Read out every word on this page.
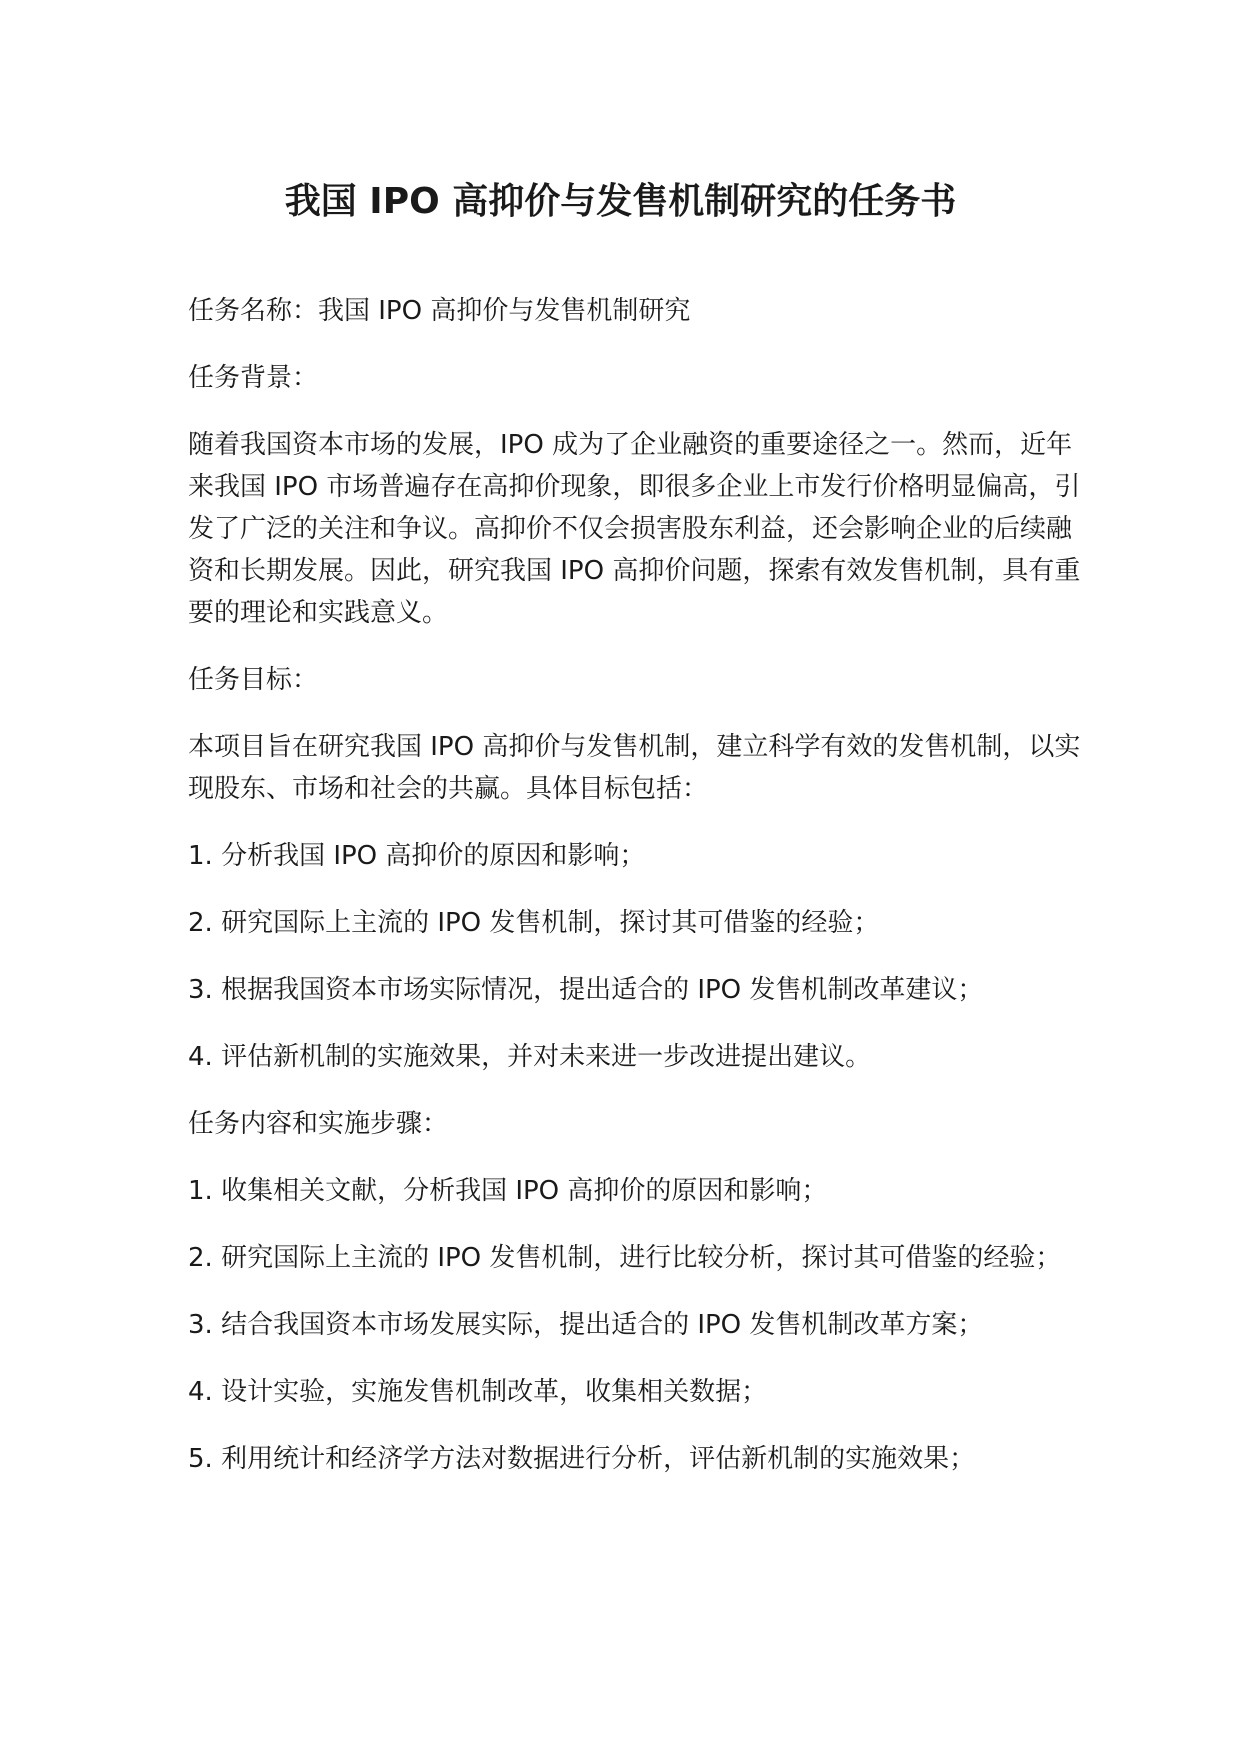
我国 IPO 高抑价与发售机制研究的任务书

任务名称：我国 IPO 高抑价与发售机制研究

任务背景：

随着我国资本市场的发展，IPO 成为了企业融资的重要途径之一。然而，近年来我国 IPO 市场普遍存在高抑价现象，即很多企业上市发行价格明显偏高，引发了广泛的关注和争议。高抑价不仅会损害股东利益，还会影响企业的后续融资和长期发展。因此，研究我国 IPO 高抑价问题，探索有效发售机制，具有重要的理论和实践意义。

任务目标：

本项目旨在研究我国 IPO 高抑价与发售机制，建立科学有效的发售机制，以实现股东、市场和社会的共赢。具体目标包括：

1. 分析我国 IPO 高抑价的原因和影响；

2. 研究国际上主流的 IPO 发售机制，探讨其可借鉴的经验；

3. 根据我国资本市场实际情况，提出适合的 IPO 发售机制改革建议；

4. 评估新机制的实施效果，并对未来进一步改进提出建议。

任务内容和实施步骤：

1. 收集相关文献，分析我国 IPO 高抑价的原因和影响；

2. 研究国际上主流的 IPO 发售机制，进行比较分析，探讨其可借鉴的经验；

3. 结合我国资本市场发展实际，提出适合的 IPO 发售机制改革方案；

4. 设计实验，实施发售机制改革，收集相关数据；

5. 利用统计和经济学方法对数据进行分析，评估新机制的实施效果；
